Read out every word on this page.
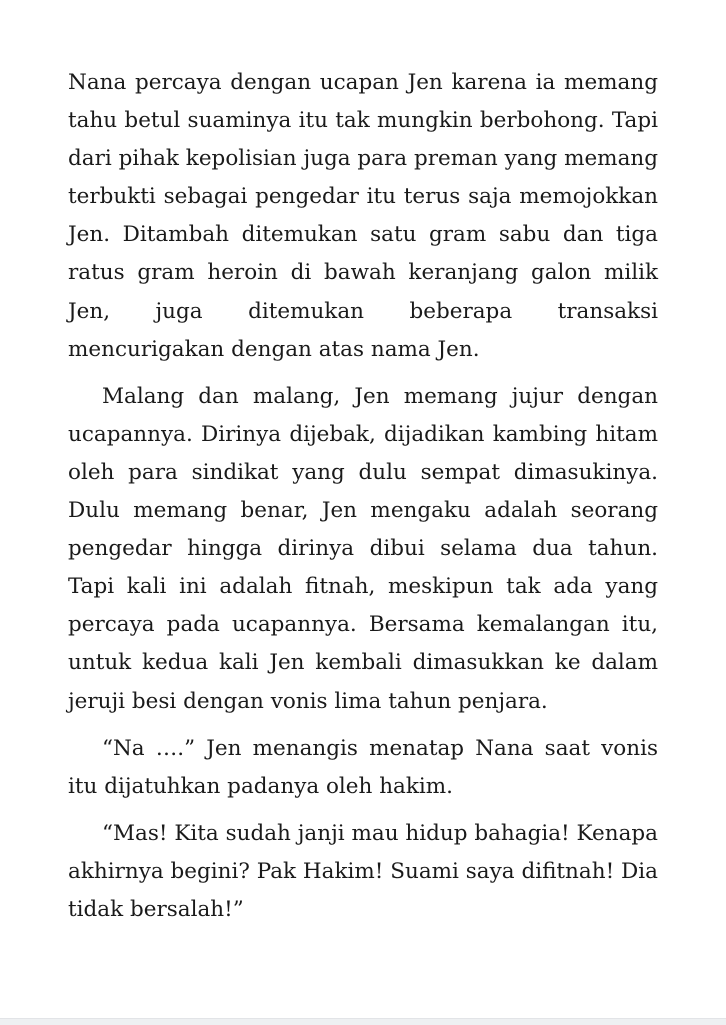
Nana percaya dengan ucapan Jen karena ia memang tahu betul suaminya itu tak mungkin berbohong. Tapi dari pihak kepolisian juga para preman yang memang terbukti sebagai pengedar itu terus saja memojokkan Jen. Ditambah ditemukan satu gram sabu dan tiga ratus gram heroin di bawah keranjang galon milik Jen, juga ditemukan beberapa transaksi mencurigakan dengan atas nama Jen.

Malang dan malang, Jen memang jujur dengan ucapannya. Dirinya dijebak, dijadikan kambing hitam oleh para sindikat yang dulu sempat dimasukinya. Dulu memang benar, Jen mengaku adalah seorang pengedar hingga dirinya dibui selama dua tahun. Tapi kali ini adalah fitnah, meskipun tak ada yang percaya pada ucapannya. Bersama kemalangan itu, untuk kedua kali Jen kembali dimasukkan ke dalam jeruji besi dengan vonis lima tahun penjara.

“Na ….” Jen menangis menatap Nana saat vonis itu dijatuhkan padanya oleh hakim.

“Mas! Kita sudah janji mau hidup bahagia! Kenapa akhirnya begini? Pak Hakim! Suami saya difitnah! Dia tidak bersalah!”
